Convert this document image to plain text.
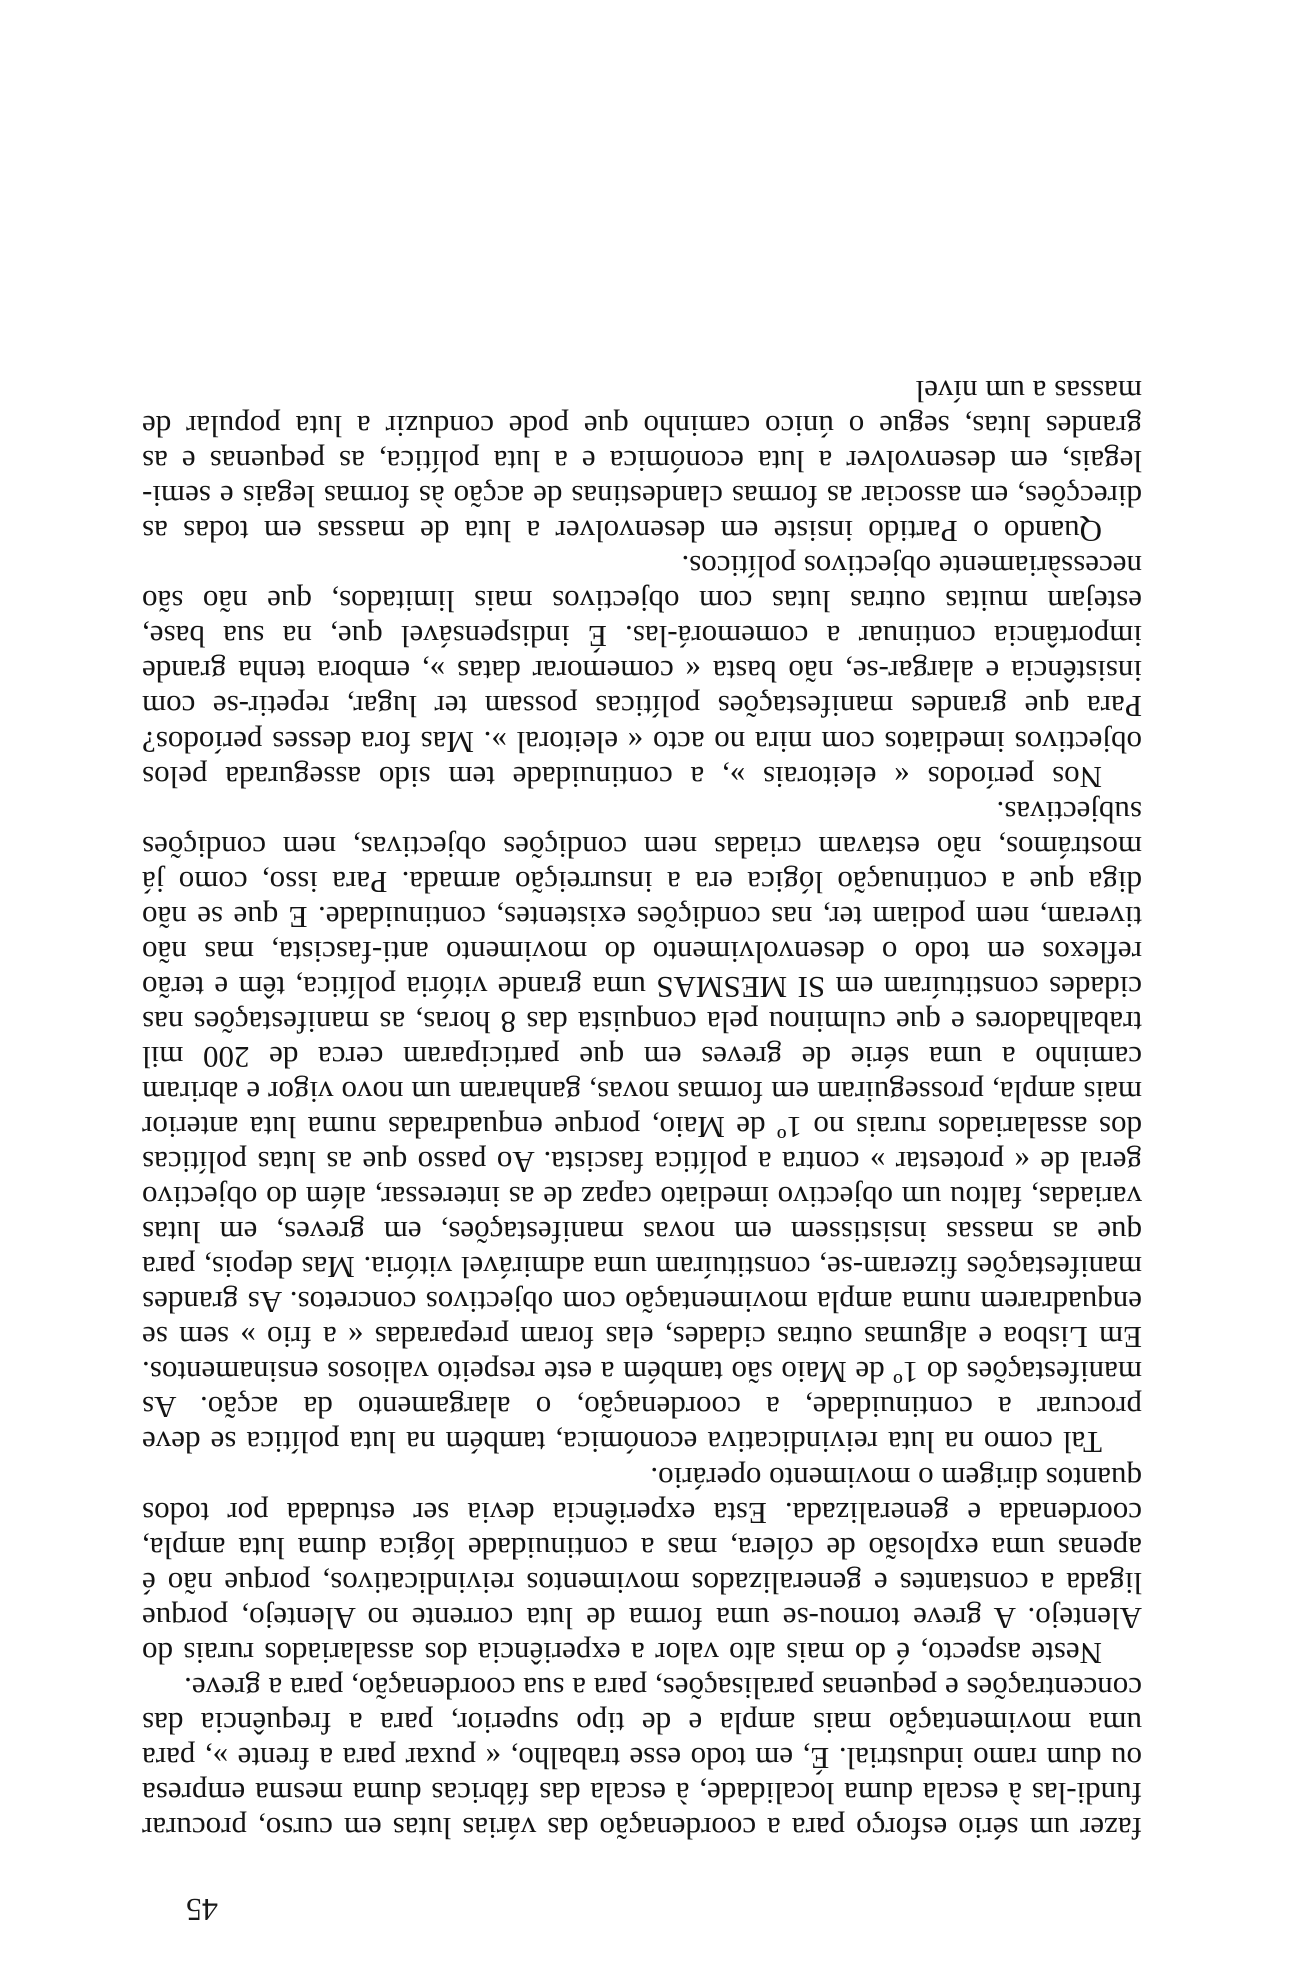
45

fazer um sério esforço para a coordenação das várias lutas em curso, procurar fundi-las à escala duma localidade, à escala das fábricas duma mesma empresa ou dum ramo industrial. É, em todo esse trabalho, « puxar para a frente », para uma movimentação mais ampla e de tipo superior, para a frequência das concentrações e pequenas paralisações, para a sua coordenação, para a greve.

Neste aspecto, é do mais alto valor a experiência dos assalariados rurais do Alentejo. A greve tornou-se uma forma de luta corrente no Alentejo, porque ligada a constantes e generalizados movimentos reivindicativos, porque não é apenas uma explosão de cólera, mas a continuidade lógica duma luta ampla, coordenada e generalizada. Esta experiência devia ser estudada por todos quantos dirigem o movimento operário.

Tal como na luta reivindicativa económica, também na luta política se deve procurar a continuidade, a coordenação, o alargamento da acção. As manifestações do 1º de Maio são também a este respeito valiosos ensinamentos. Em Lisboa e algumas outras cidades, elas foram preparadas « a frio » sem se enquadrarem numa ampla movimentação com objectivos concretos. As grandes manifestações fizeram-se, constituíram uma admirável vitória. Mas depois, para que as massas insistissem em novas manifestações, em greves, em lutas variadas, faltou um objectivo imediato capaz de as interessar, além do objectivo geral de « protestar » contra a política fascista. Ao passo que as lutas políticas dos assalariados rurais no 1º de Maio, porque enquadradas numa luta anterior mais ampla, prosseguiram em formas novas, ganharam um novo vigor e abriram caminho a uma série de greves em que participaram cerca de 200 mil trabalhadores e que culminou pela conquista das 8 horas, as manifestações nas cidades constituíram em SI MESMAS uma grande vitória política, têm e terão reflexos em todo o desenvolvimento do movimento anti-fascista, mas não tiveram, nem podiam ter, nas condições existentes, continuidade. E que se não diga que a continuação lógica era a insurreição armada. Para isso, como já mostrámos, não estavam criadas nem condições objectivas, nem condições subjectivas.

Nos períodos « eleitorais », a continuidade tem sido assegurada pelos objectivos imediatos com mira no acto « eleitoral ». Mas fora desses períodos? Para que grandes manifestações políticas possam ter lugar, repetir-se com insistência e alargar-se, não basta « comemorar datas », embora tenha grande importância continuar a comemorá-las. É indispensável que, na sua base, estejam muitas outras lutas com objectivos mais limitados, que não são necessàriamente objectivos políticos.

Quando o Partido insiste em desenvolver a luta de massas em todas as direcções, em associar as formas clandestinas de acção às formas legais e semi-legais, em desenvolver a luta económica e a luta política, as pequenas e as grandes lutas, segue o único caminho que pode conduzir a luta popular de massas a um nível
